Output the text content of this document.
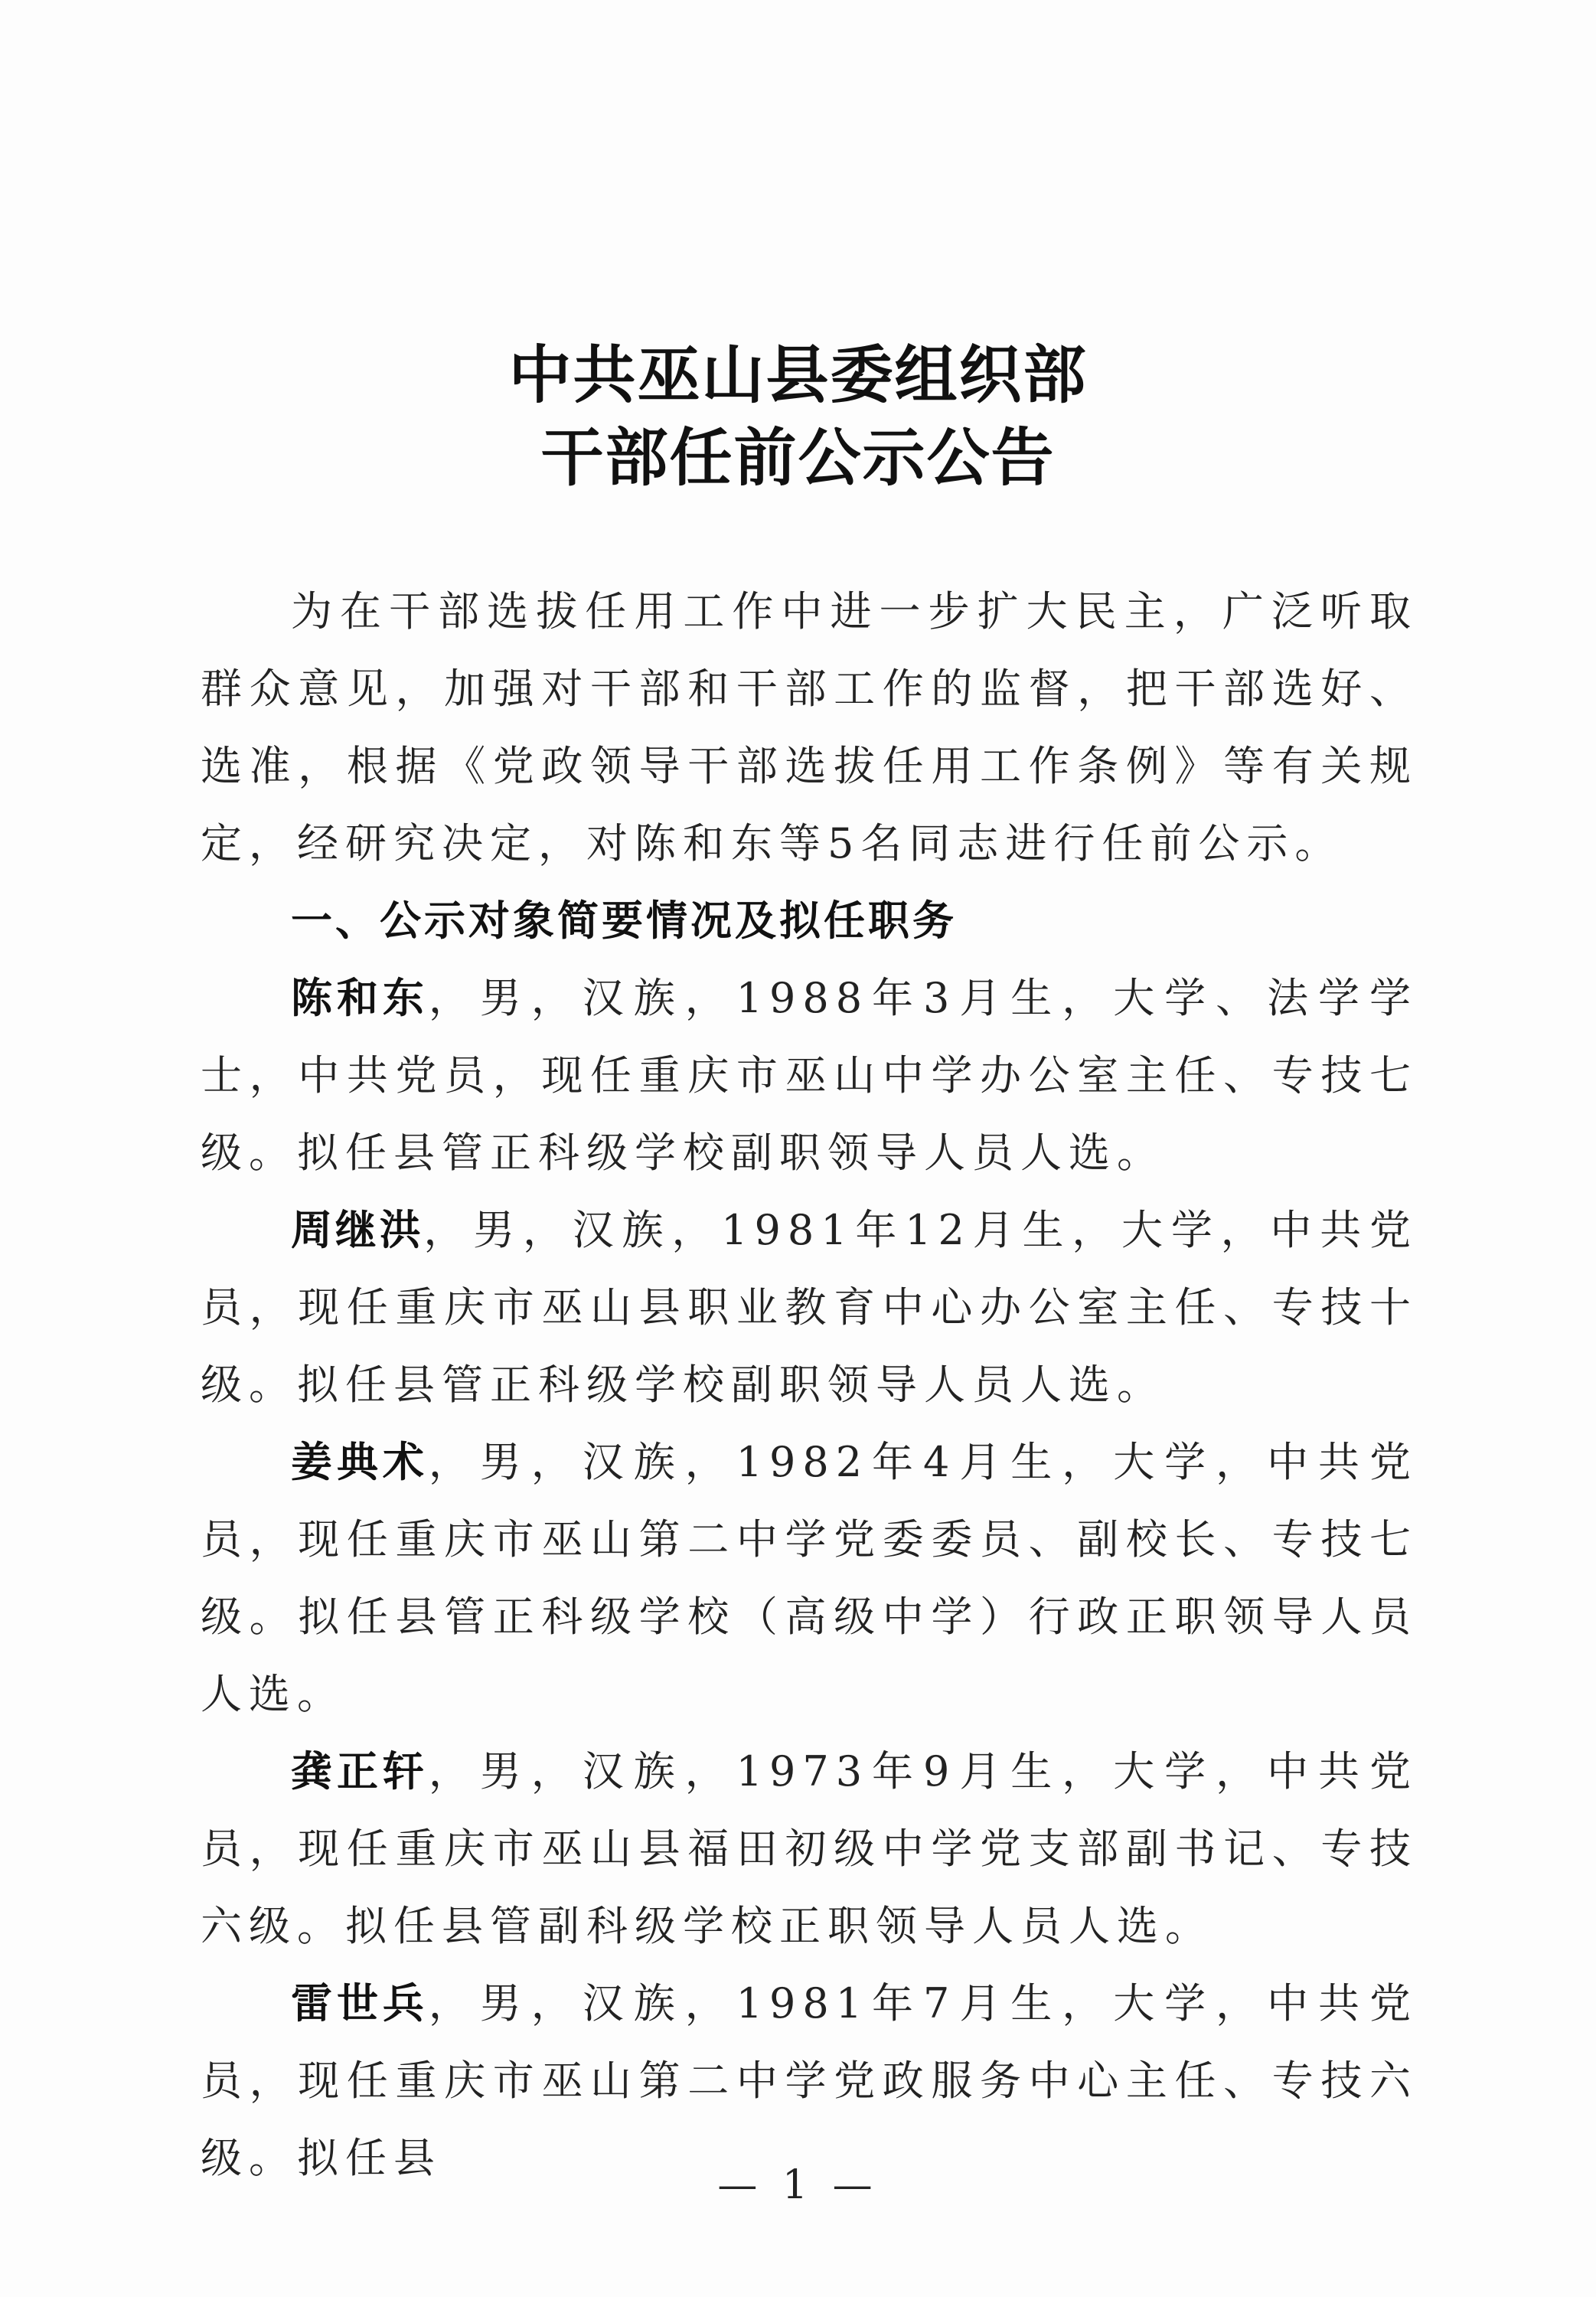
中共巫山县委组织部
干部任前公示公告

为在干部选拔任用工作中进一步扩大民主，广泛听取群众意见，加强对干部和干部工作的监督，把干部选好、选准，根据《党政领导干部选拔任用工作条例》等有关规定，经研究决定，对陈和东等5名同志进行任前公示。

一、公示对象简要情况及拟任职务

陈和东，男，汉族，1988年3月生，大学、法学学士，中共党员，现任重庆市巫山中学办公室主任、专技七级。拟任县管正科级学校副职领导人员人选。

周继洪，男，汉族，1981年12月生，大学，中共党员，现任重庆市巫山县职业教育中心办公室主任、专技十级。拟任县管正科级学校副职领导人员人选。

姜典术，男，汉族，1982年4月生，大学，中共党员，现任重庆市巫山第二中学党委委员、副校长、专技七级。拟任县管正科级学校（高级中学）行政正职领导人员人选。

龚正轩，男，汉族，1973年9月生，大学，中共党员，现任重庆市巫山县福田初级中学党支部副书记、专技六级。拟任县管副科级学校正职领导人员人选。

雷世兵，男，汉族，1981年7月生，大学，中共党员，现任重庆市巫山第二中学党政服务中心主任、专技六级。拟任县

— 1 —
